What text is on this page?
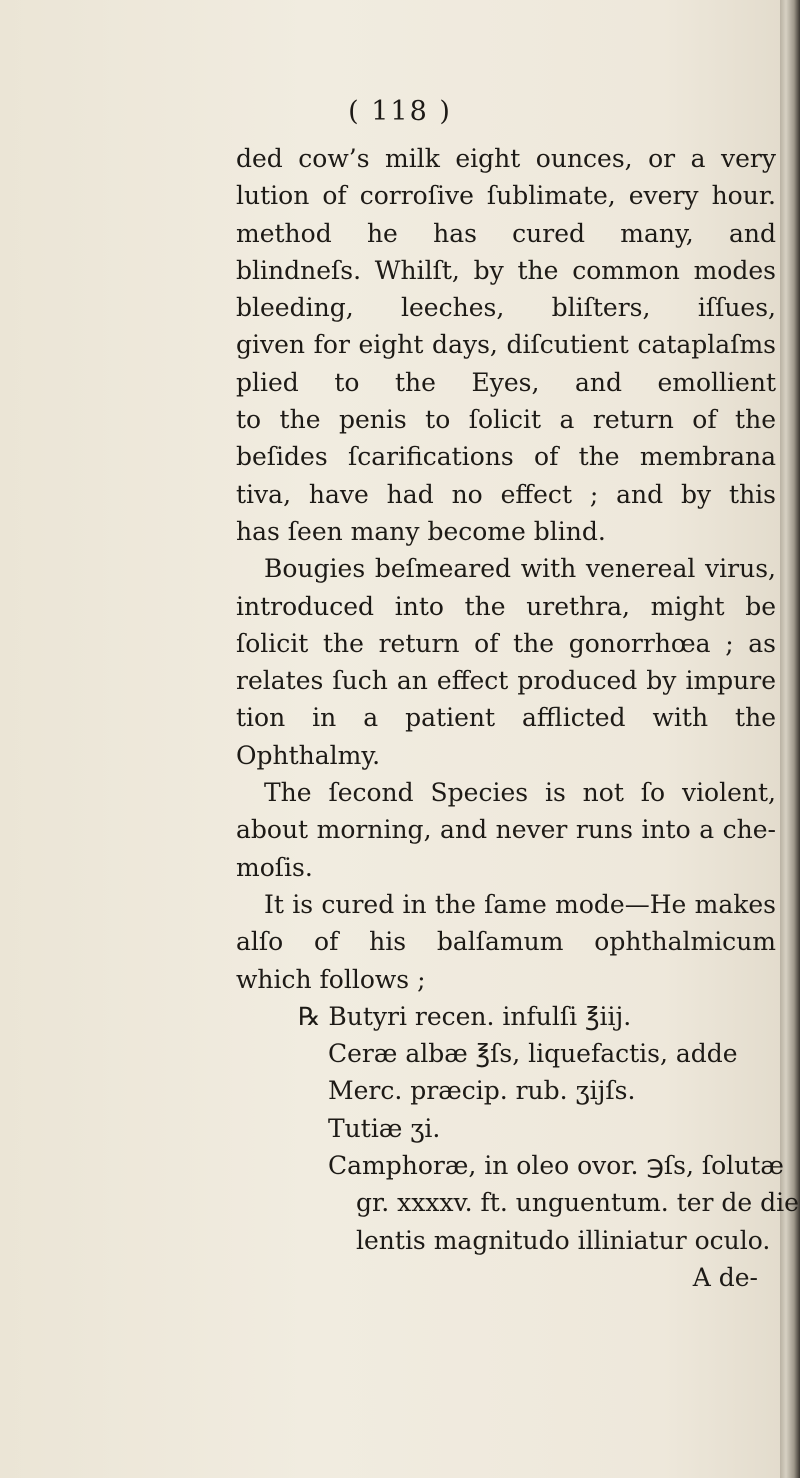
( 118 )
ded cow’s milk eight ounces, or a very
lution of corroſive ſublimate, every hour.
method he has cured many, and
blindneſs. Whilſt, by the common modes
bleeding, leeches, bliſters, iſſues,
given for eight days, diſcutient cataplaſms
plied to the Eyes, and emollient
to the penis to ſolicit a return of the
beſides ſcarifications of the membrana
tiva, have had no effect ; and by this
has ſeen many become blind.
Bougies beſmeared with venereal virus,
introduced into the urethra, might be
ſolicit the return of the gonorrhœa ; as
relates ſuch an effect produced by impure
tion in a patient afflicted with the
Ophthalmy.
The ſecond Species is not ſo violent,
about morning, and never runs into a che-
moſis.
It is cured in the ſame mode—He makes
alſo of his balſamum ophthalmicum
which follows ;
℞ Butyri recen. infulſi ℥iij.
Ceræ albæ ℥ſs, liquefactis, adde
Merc. præcip. rub. ʒijſs.
Tutiæ ʒi.
Camphoræ, in oleo ovor. ℈ſs, ſolutæ
gr. xxxxv. ft. unguentum. ter de die
lentis magnitudo illiniatur oculo.
A de-
